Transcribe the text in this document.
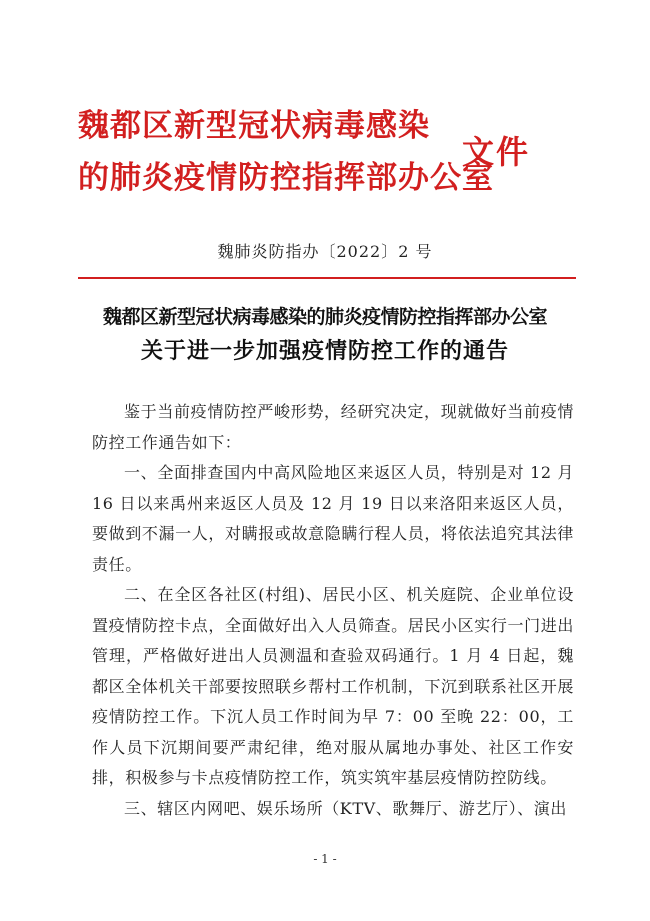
魏都区新型冠状病毒感染
的肺炎疫情防控指挥部办公室
文件
魏肺炎防指办〔2022〕2 号
魏都区新型冠状病毒感染的肺炎疫情防控指挥部办公室
关于进一步加强疫情防控工作的通告

鉴于当前疫情防控严峻形势，经研究决定，现就做好当前疫情防控工作通告如下：

一、全面排查国内中高风险地区来返区人员，特别是对 12 月 16 日以来禹州来返区人员及 12 月 19 日以来洛阳来返区人员，要做到不漏一人，对瞒报或故意隐瞒行程人员，将依法追究其法律责任。

二、在全区各社区(村组)、居民小区、机关庭院、企业单位设置疫情防控卡点，全面做好出入人员筛查。居民小区实行一门进出管理，严格做好进出人员测温和查验双码通行。1 月 4 日起，魏都区全体机关干部要按照联乡帮村工作机制，下沉到联系社区开展疫情防控工作。下沉人员工作时间为早 7：00 至晚 22：00，工作人员下沉期间要严肃纪律，绝对服从属地办事处、社区工作安排，积极参与卡点疫情防控工作，筑实筑牢基层疫情防控防线。

三、辖区内网吧、娱乐场所（KTV、歌舞厅、游艺厅）、演出

- 1 -
